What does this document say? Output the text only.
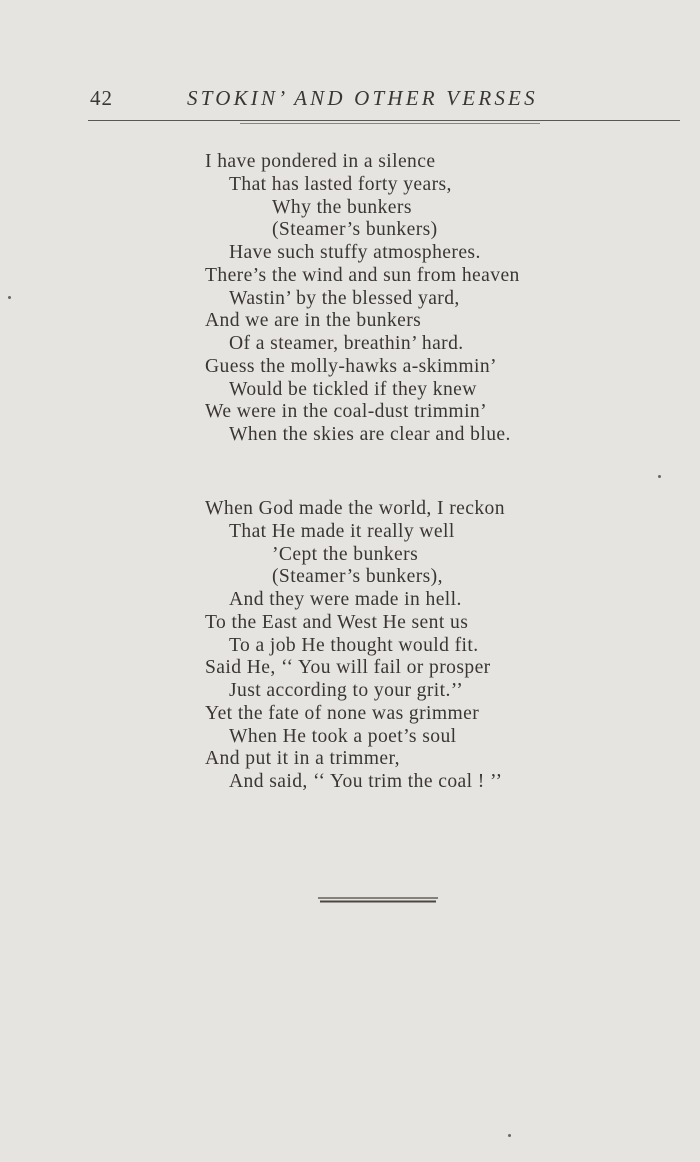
42	STOKIN’ AND OTHER VERSES
I have pondered in a silence
That has lasted forty years,
Why the bunkers
(Steamer’s bunkers)
Have such stuffy atmospheres.
There’s the wind and sun from heaven
Wastin’ by the blessed yard,
And we are in the bunkers
Of a steamer, breathin’ hard.
Guess the molly-hawks a-skimmin’
Would be tickled if they knew
We were in the coal-dust trimmin’
When the skies are clear and blue.
When God made the world, I reckon
That He made it really well
’Cept the bunkers
(Steamer’s bunkers),
And they were made in hell.
To the East and West He sent us
To a job He thought would fit.
Said He, ‘‘ You will fail or prosper
Just according to your grit.’’
Yet the fate of none was grimmer
When He took a poet’s soul
And put it in a trimmer,
And said, ‘‘ You trim the coal ! ’’
